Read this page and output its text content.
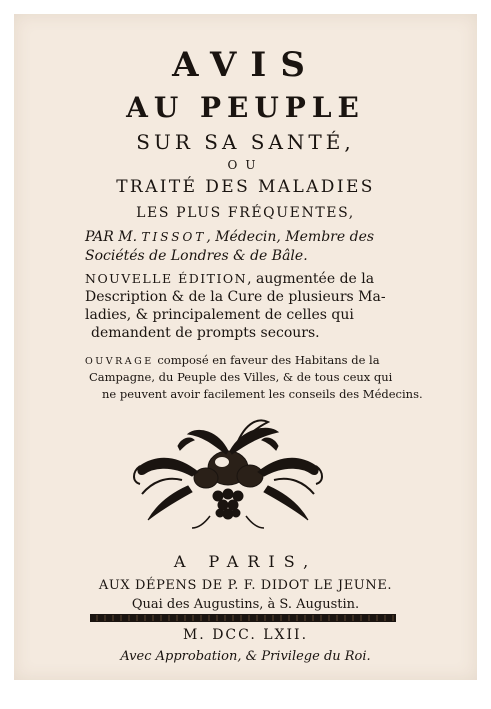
AVIS
AU PEUPLE
SUR SA SANTÉ,
OU
TRAITÉ DES MALADIES
LES PLUS FRÉQUENTES,
PAR M. TISSOT, Médecin, Membre des
Sociétés de Londres & de Bâle.
NOUVELLE ÉDITION, augmentée de la
Description & de la Cure de plusieurs Ma-
ladies, & principalement de celles qui
demandent de prompts secours.
OUVRAGE composé en faveur des Habitans de la
Campagne, du Peuple des Villes, & de tous ceux qui
ne peuvent avoir facilement les conseils des Médecins.
A PARIS,
AUX DÉPENS DE P. F. DIDOT LE JEUNE.
Quai des Augustins, à S. Augustin.
M. DCC. LXII.
Avec Approbation, & Privilege du Roi.
